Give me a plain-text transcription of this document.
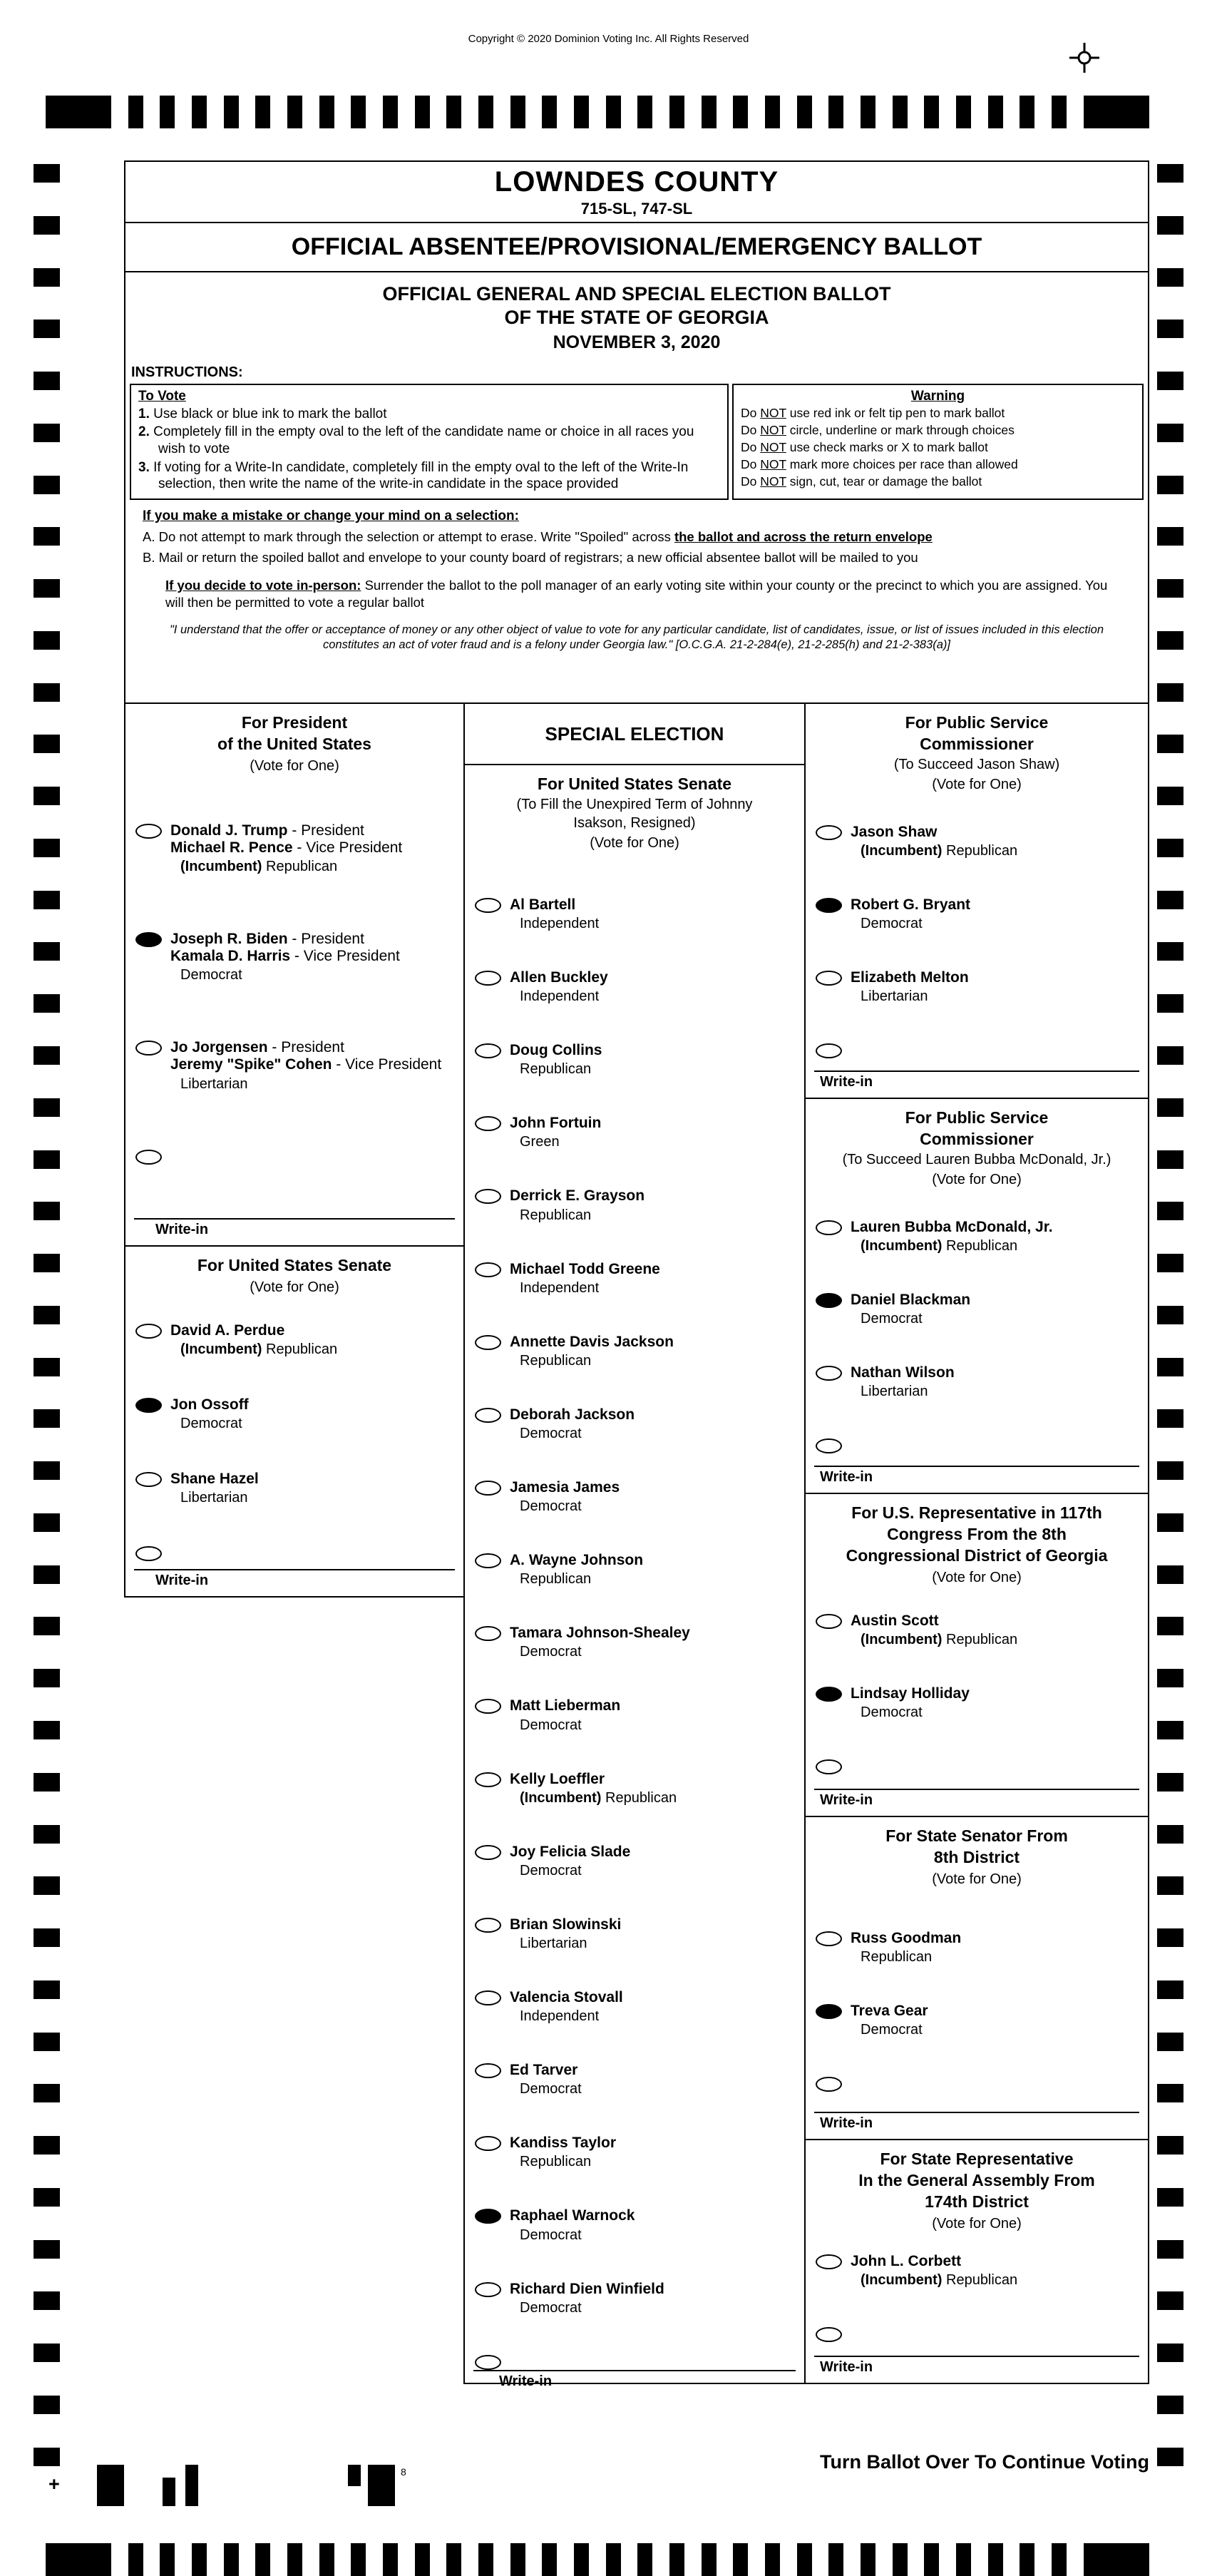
Copyright © 2020 Dominion Voting Inc. All Rights Reserved
LOWNDES COUNTY
715-SL, 747-SL
OFFICIAL ABSENTEE/PROVISIONAL/EMERGENCY BALLOT
OFFICIAL GENERAL AND SPECIAL ELECTION BALLOT
OF THE STATE OF GEORGIA
NOVEMBER 3, 2020
INSTRUCTIONS:
To Vote
1. Use black or blue ink to mark the ballot
2. Completely fill in the empty oval to the left of the candidate name or choice in all races you wish to vote
3. If voting for a Write-In candidate, completely fill in the empty oval to the left of the Write-In selection, then write the name of the write-in candidate in the space provided
Warning
Do NOT use red ink or felt tip pen to mark ballot
Do NOT circle, underline or mark through choices
Do NOT use check marks or X to mark ballot
Do NOT mark more choices per race than allowed
Do NOT sign, cut, tear or damage the ballot
If you make a mistake or change your mind on a selection:
A. Do not attempt to mark through the selection or attempt to erase. Write "Spoiled" across the ballot and across the return envelope
B. Mail or return the spoiled ballot and envelope to your county board of registrars; a new official absentee ballot will be mailed to you
If you decide to vote in-person: Surrender the ballot to the poll manager of an early voting site within your county or the precinct to which you are assigned. You will then be permitted to vote a regular ballot
"I understand that the offer or acceptance of money or any other object of value to vote for any particular candidate, list of candidates, issue, or list of issues included in this election constitutes an act of voter fraud and is a felony under Georgia law." [O.C.G.A. 21-2-284(e), 21-2-285(h) and 21-2-383(a)]
For President
of the United States
(Vote for One)
Donald J. Trump - President
Michael R. Pence - Vice President
(Incumbent) Republican
Joseph R. Biden - President
Kamala D. Harris - Vice President
Democrat
Jo Jorgensen - President
Jeremy "Spike" Cohen - Vice President
Libertarian
Write-in
For United States Senate
(Vote for One)
David A. Perdue
(Incumbent) Republican
Jon Ossoff
Democrat
Shane Hazel
Libertarian
Write-in
SPECIAL ELECTION
For United States Senate
(To Fill the Unexpired Term of Johnny
Isakson, Resigned)
(Vote for One)
Al Bartell
Independent
Allen Buckley
Independent
Doug Collins
Republican
John Fortuin
Green
Derrick E. Grayson
Republican
Michael Todd Greene
Independent
Annette Davis Jackson
Republican
Deborah Jackson
Democrat
Jamesia James
Democrat
A. Wayne Johnson
Republican
Tamara Johnson-Shealey
Democrat
Matt Lieberman
Democrat
Kelly Loeffler
(Incumbent) Republican
Joy Felicia Slade
Democrat
Brian Slowinski
Libertarian
Valencia Stovall
Independent
Ed Tarver
Democrat
Kandiss Taylor
Republican
Raphael Warnock
Democrat
Richard Dien Winfield
Democrat
Write-in
For Public Service
Commissioner
(To Succeed Jason Shaw)
(Vote for One)
Jason Shaw
(Incumbent) Republican
Robert G. Bryant
Democrat
Elizabeth Melton
Libertarian
Write-in
For Public Service
Commissioner
(To Succeed Lauren Bubba McDonald, Jr.)
(Vote for One)
Lauren Bubba McDonald, Jr.
(Incumbent) Republican
Daniel Blackman
Democrat
Nathan Wilson
Libertarian
Write-in
For U.S. Representative in 117th
Congress From the 8th
Congressional District of Georgia
(Vote for One)
Austin Scott
(Incumbent) Republican
Lindsay Holliday
Democrat
Write-in
For State Senator From
8th District
(Vote for One)
Russ Goodman
Republican
Treva Gear
Democrat
Write-in
For State Representative
In the General Assembly From
174th District
(Vote for One)
John L. Corbett
(Incumbent) Republican
Write-in
Turn Ballot Over To Continue Voting
+
8
